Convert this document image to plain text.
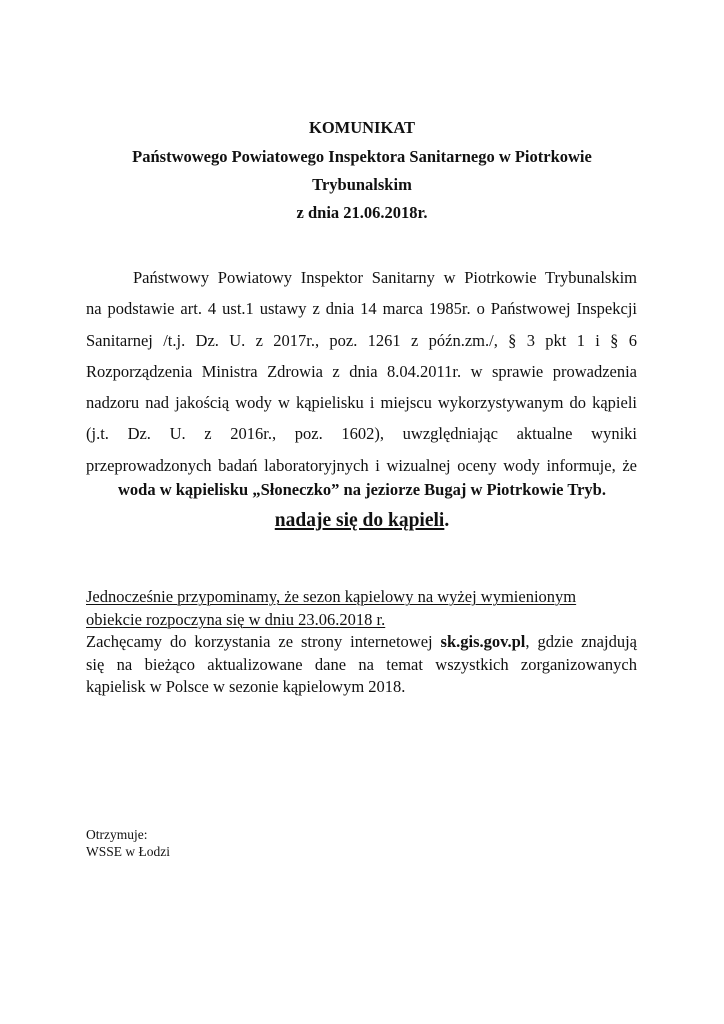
KOMUNIKAT
Państwowego Powiatowego Inspektora Sanitarnego w Piotrkowie
Trybunalskim
z dnia 21.06.2018r.
Państwowy Powiatowy Inspektor Sanitarny w Piotrkowie Trybunalskim
na podstawie art. 4 ust.1 ustawy z dnia 14 marca 1985r. o Państwowej Inspekcji
Sanitarnej /t.j. Dz. U. z 2017r., poz. 1261 z późn.zm./, § 3 pkt 1 i § 6
Rozporządzenia Ministra Zdrowia z dnia 8.04.2011r. w sprawie prowadzenia
nadzoru nad jakością wody w kąpielisku i miejscu wykorzystywanym do kąpieli
(j.t. Dz. U. z 2016r., poz. 1602), uwzględniając aktualne wyniki
przeprowadzonych badań laboratoryjnych i wizualnej oceny wody informuje, że
woda w kąpielisku „Słoneczko” na jeziorze Bugaj w Piotrkowie Tryb.
nadaje się do kąpieli.
Jednocześnie przypominamy, że sezon kąpielowy na wyżej wymienionym
obiekcie rozpoczyna się w dniu 23.06.2018 r.
Zachęcamy do korzystania ze strony internetowej sk.gis.gov.pl, gdzie znajdują
się na bieżąco aktualizowane dane na temat wszystkich zorganizowanych
kąpielisk w Polsce w sezonie kąpielowym 2018.
Otrzymuje:
WSSE w Łodzi
